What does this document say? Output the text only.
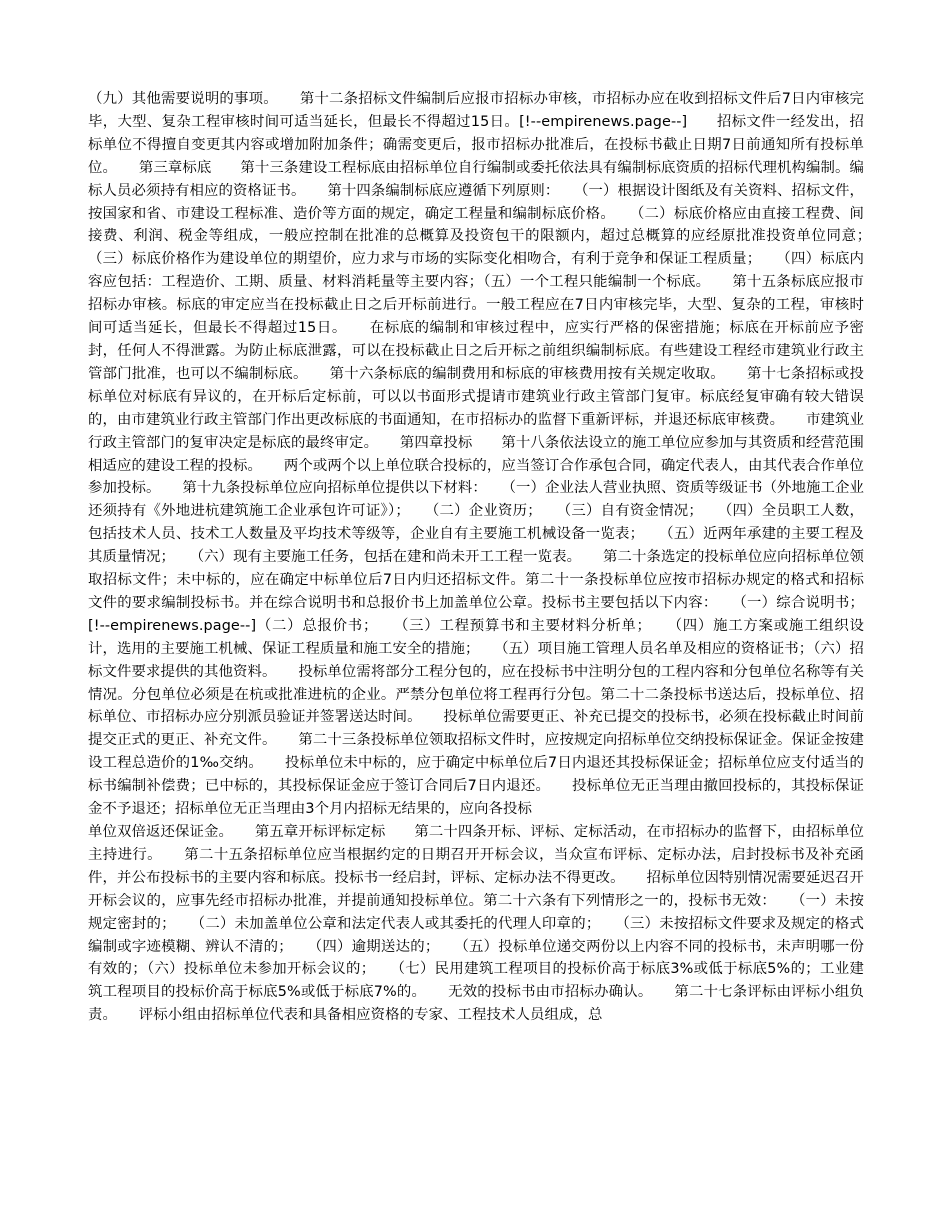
（九）其他需要说明的事项。　　第十二条招标文件编制后应报市招标办审核，市招标办应在收到招标文件后7日内审核完毕，大型、复杂工程审核时间可适当延长，但最长不得超过15日。[!--empirenews.page--]　　招标文件一经发出，招标单位不得擅自变更其内容或增加附加条件；确需变更后，报市招标办批准后，在投标书截止日期7日前通知所有投标单位。　　第三章标底　　第十三条建设工程标底由招标单位自行编制或委托依法具有编制标底资质的招标代理机构编制。编标人员必须持有相应的资格证书。　　第十四条编制标底应遵循下列原则：　　（一）根据设计图纸及有关资料、招标文件，按国家和省、市建设工程标准、造价等方面的规定，确定工程量和编制标底价格。　　（二）标底价格应由直接工程费、间接费、利润、税金等组成，一般应控制在批准的总概算及投资包干的限额内，超过总概算的应经原批准投资单位同意；　　（三）标底价格作为建设单位的期望价，应力求与市场的实际变化相吻合，有利于竞争和保证工程质量；　　（四）标底内容应包括：工程造价、工期、质量、材料消耗量等主要内容；（五）一个工程只能编制一个标底。　　第十五条标底应报市招标办审核。标底的审定应当在投标截止日之后开标前进行。一般工程应在7日内审核完毕，大型、复杂的工程，审核时间可适当延长，但最长不得超过15日。　　在标底的编制和审核过程中，应实行严格的保密措施；标底在开标前应予密封，任何人不得泄露。为防止标底泄露，可以在投标截止日之后开标之前组织编制标底。有些建设工程经市建筑业行政主管部门批准，也可以不编制标底。　　第十六条标底的编制费用和标底的审核费用按有关规定收取。　　第十七条招标或投标单位对标底有异议的，在开标后定标前，可以以书面形式提请市建筑业行政主管部门复审。标底经复审确有较大错误的，由市建筑业行政主管部门作出更改标底的书面通知，在市招标办的监督下重新评标，并退还标底审核费。　　市建筑业行政主管部门的复审决定是标底的最终审定。　　第四章投标　　第十八条依法设立的施工单位应参加与其资质和经营范围相适应的建设工程的投标。　　两个或两个以上单位联合投标的，应当签订合作承包合同，确定代表人，由其代表合作单位参加投标。　　第十九条投标单位应向招标单位提供以下材料：　　（一）企业法人营业执照、资质等级证书（外地施工企业还须持有《外地进杭建筑施工企业承包许可证》）；　　（二）企业资历；　　（三）自有资金情况；　　（四）全员职工人数，包括技术人员、技术工人数量及平均技术等级等，企业自有主要施工机械设备一览表；　　（五）近两年承建的主要工程及其质量情况；　　（六）现有主要施工任务，包括在建和尚未开工工程一览表。　　第二十条选定的投标单位应向招标单位领取招标文件；未中标的，应在确定中标单位后7日内归还招标文件。第二十一条投标单位应按市招标办规定的格式和招标文件的要求编制投标书。并在综合说明书和总报价书上加盖单位公章。投标书主要包括以下内容：　　（一）综合说明书；[!--empirenews.page--]（二）总报价书；　　（三）工程预算书和主要材料分析单；　　（四）施工方案或施工组织设计，选用的主要施工机械、保证工程质量和施工安全的措施；　　（五）项目施工管理人员名单及相应的资格证书；（六）招标文件要求提供的其他资料。　　投标单位需将部分工程分包的，应在投标书中注明分包的工程内容和分包单位名称等有关情况。分包单位必须是在杭或批准进杭的企业。严禁分包单位将工程再行分包。第二十二条投标书送达后，投标单位、招标单位、市招标办应分别派员验证并签署送达时间。　　投标单位需要更正、补充已提交的投标书，必须在投标截止时间前提交正式的更正、补充文件。　　第二十三条投标单位领取招标文件时，应按规定向招标单位交纳投标保证金。保证金按建设工程总造价的1‰交纳。　　投标单位未中标的，应于确定中标单位后7日内退还其投标保证金；招标单位应支付适当的标书编制补偿费；已中标的，其投标保证金应于签订合同后7日内退还。　　投标单位无正当理由撤回投标的，其投标保证金不予退还；招标单位无正当理由3个月内招标无结果的，应向各投标

单位双倍返还保证金。　　第五章开标评标定标　　第二十四条开标、评标、定标活动，在市招标办的监督下，由招标单位主持进行。　　第二十五条招标单位应当根据约定的日期召开开标会议，当众宣布评标、定标办法，启封投标书及补充函件，并公布投标书的主要内容和标底。投标书一经启封，评标、定标办法不得更改。　　招标单位因特别情况需要延迟召开开标会议的，应事先经市招标办批准，并提前通知投标单位。第二十六条有下列情形之一的，投标书无效：　　（一）未按规定密封的；　　（二）未加盖单位公章和法定代表人或其委托的代理人印章的；　　（三）未按招标文件要求及规定的格式编制或字迹模糊、辨认不清的；　　（四）逾期送达的；　　（五）投标单位递交两份以上内容不同的投标书，未声明哪一份有效的；（六）投标单位未参加开标会议的；　　（七）民用建筑工程项目的投标价高于标底3%或低于标底5%的；工业建筑工程项目的投标价高于标底5%或低于标底7%的。　　无效的投标书由市招标办确认。　　第二十七条评标由评标小组负责。　　评标小组由招标单位代表和具备相应资格的专家、工程技术人员组成，总
